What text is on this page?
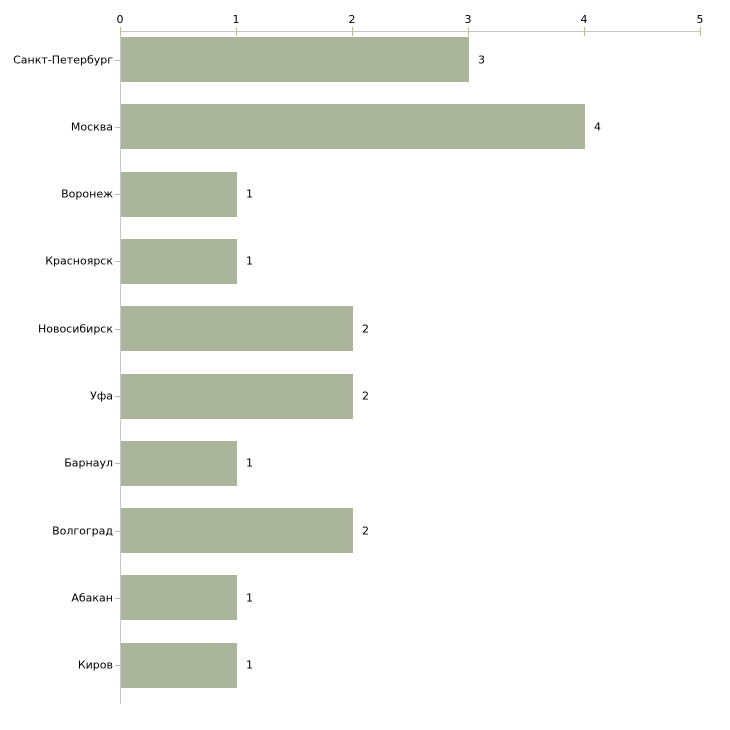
0	1	2	3	4	5
Санкт-Петербург	3
Москва	4
Воронеж	1
Красноярск	1
Новосибирск	2
Уфа	2
Барнаул	1
Волгоград	2
Абакан	1
Киров	1
